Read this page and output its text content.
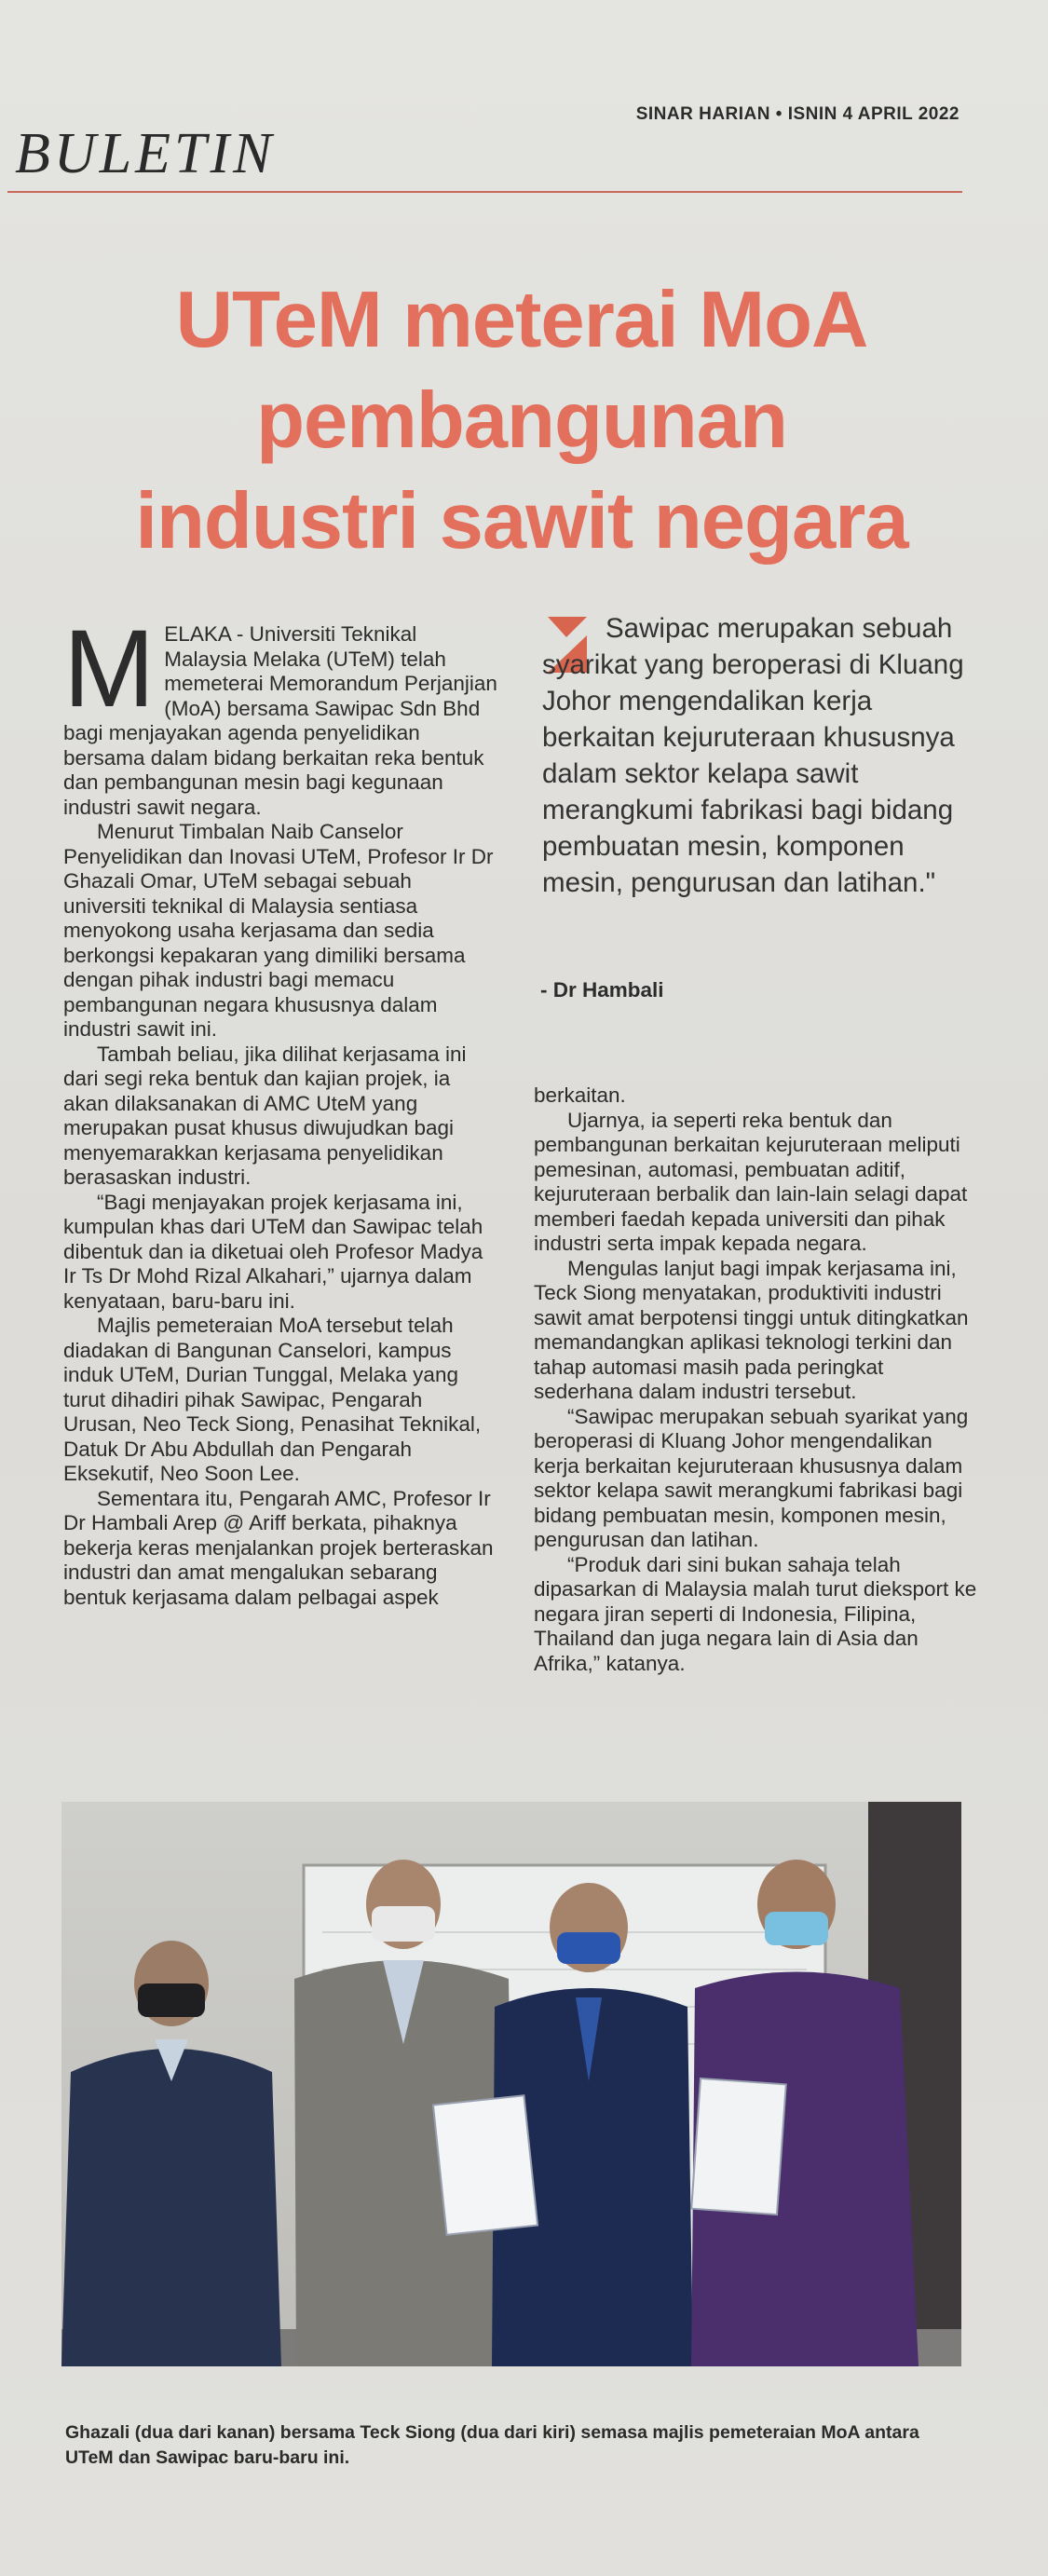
SINAR HARIAN • ISNIN 4 APRIL 2022
BULETIN
UTeM meterai MoA
pembangunan
industri sawit negara

MELAKA - Universiti Teknikal Malaysia Melaka (UTeM) telah memeterai Memorandum Perjanjian (MoA) bersama Sawipac Sdn Bhd bagi menjayakan agenda penyelidikan bersama dalam bidang berkaitan reka bentuk dan pembangunan mesin bagi kegunaan industri sawit negara.

Menurut Timbalan Naib Canselor Penyelidikan dan Inovasi UTeM, Profesor Ir Dr Ghazali Omar, UTeM sebagai sebuah universiti teknikal di Malaysia sentiasa menyokong usaha kerjasama dan sedia berkongsi kepakaran yang dimiliki bersama dengan pihak industri bagi memacu pembangunan negara khususnya dalam industri sawit ini.

Tambah beliau, jika dilihat kerjasama ini dari segi reka bentuk dan kajian projek, ia akan dilaksanakan di AMC UteM yang merupakan pusat khusus diwujudkan bagi menyemarakkan kerjasama penyelidikan berasaskan industri.

“Bagi menjayakan projek kerjasama ini, kumpulan khas dari UTeM dan Sawipac telah dibentuk dan ia diketuai oleh Profesor Madya Ir Ts Dr Mohd Rizal Alkahari,” ujarnya dalam kenyataan, baru-baru ini.

Majlis pemeteraian MoA tersebut telah diadakan di Bangunan Canselori, kampus induk UTeM, Durian Tunggal, Melaka yang turut dihadiri pihak Sawipac, Pengarah Urusan, Neo Teck Siong, Penasihat Teknikal, Datuk Dr Abu Abdullah dan Pengarah Eksekutif, Neo Soon Lee.

Sementara itu, Pengarah AMC, Profesor Ir Dr Hambali Arep @ Ariff berkata, pihaknya bekerja keras menjalankan projek berteraskan industri dan amat mengalukan sebarang bentuk kerjasama dalam pelbagai aspek

Sawipac merupakan sebuah syarikat yang beroperasi di Kluang Johor mengendalikan kerja berkaitan kejuruteraan khususnya dalam sektor kelapa sawit merangkumi fabrikasi bagi bidang pembuatan mesin, komponen mesin, pengurusan dan latihan."

- Dr Hambali

berkaitan.

Ujarnya, ia seperti reka bentuk dan pembangunan berkaitan kejuruteraan meliputi pemesinan, automasi, pembuatan aditif, kejuruteraan berbalik dan lain-lain selagi dapat memberi faedah kepada universiti dan pihak industri serta impak kepada negara.

Mengulas lanjut bagi impak kerjasama ini, Teck Siong menyatakan, produktiviti industri sawit amat berpotensi tinggi untuk ditingkatkan memandangkan aplikasi teknologi terkini dan tahap automasi masih pada peringkat sederhana dalam industri tersebut.

“Sawipac merupakan sebuah syarikat yang beroperasi di Kluang Johor mengendalikan kerja berkaitan kejuruteraan khususnya dalam sektor kelapa sawit merangkumi fabrikasi bagi bidang pembuatan mesin, komponen mesin, pengurusan dan latihan.

“Produk dari sini bukan sahaja telah dipasarkan di Malaysia malah turut dieksport ke negara jiran seperti di Indonesia, Filipina, Thailand dan juga negara lain di Asia dan Afrika,” katanya.

Ghazali (dua dari kanan) bersama Teck Siong (dua dari kiri) semasa majlis pemeteraian MoA antara UTeM dan Sawipac baru-baru ini.
